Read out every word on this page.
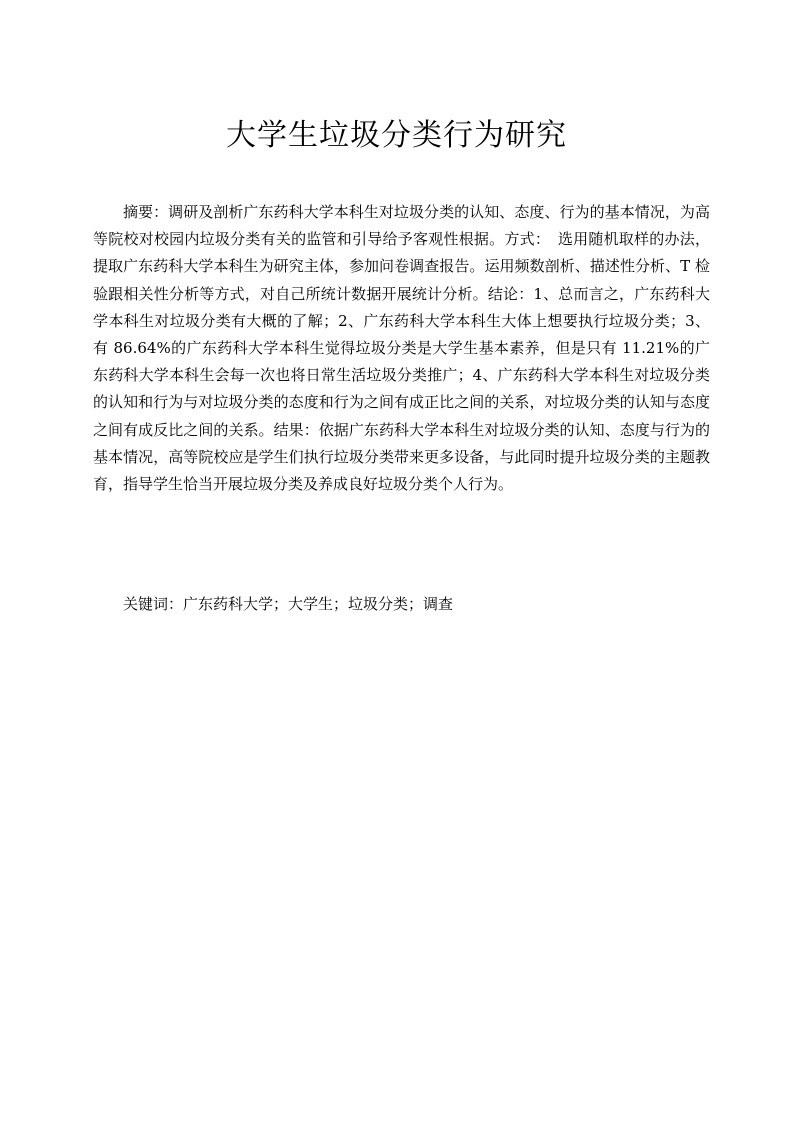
大学生垃圾分类行为研究

摘要：调研及剖析广东药科大学本科生对垃圾分类的认知、态度、行为的基本情况，为高等院校对校园内垃圾分类有关的监管和引导给予客观性根据。方式：　选用随机取样的办法，提取广东药科大学本科生为研究主体，参加问卷调查报告。运用频数剖析、描述性分析、T 检验跟相关性分析等方式，对自己所统计数据开展统计分析。结论：1、总而言之，广东药科大学本科生对垃圾分类有大概的了解；2、广东药科大学本科生大体上想要执行垃圾分类；3、有 86.64%的广东药科大学本科生觉得垃圾分类是大学生基本素养，但是只有 11.21%的广东药科大学本科生会每一次也将日常生活垃圾分类推广；4、广东药科大学本科生对垃圾分类的认知和行为与对垃圾分类的态度和行为之间有成正比之间的关系，对垃圾分类的认知与态度之间有成反比之间的关系。结果：依据广东药科大学本科生对垃圾分类的认知、态度与行为的基本情况，高等院校应是学生们执行垃圾分类带来更多设备，与此同时提升垃圾分类的主题教育，指导学生恰当开展垃圾分类及养成良好垃圾分类个人行为。

关键词：广东药科大学；大学生；垃圾分类；调查
